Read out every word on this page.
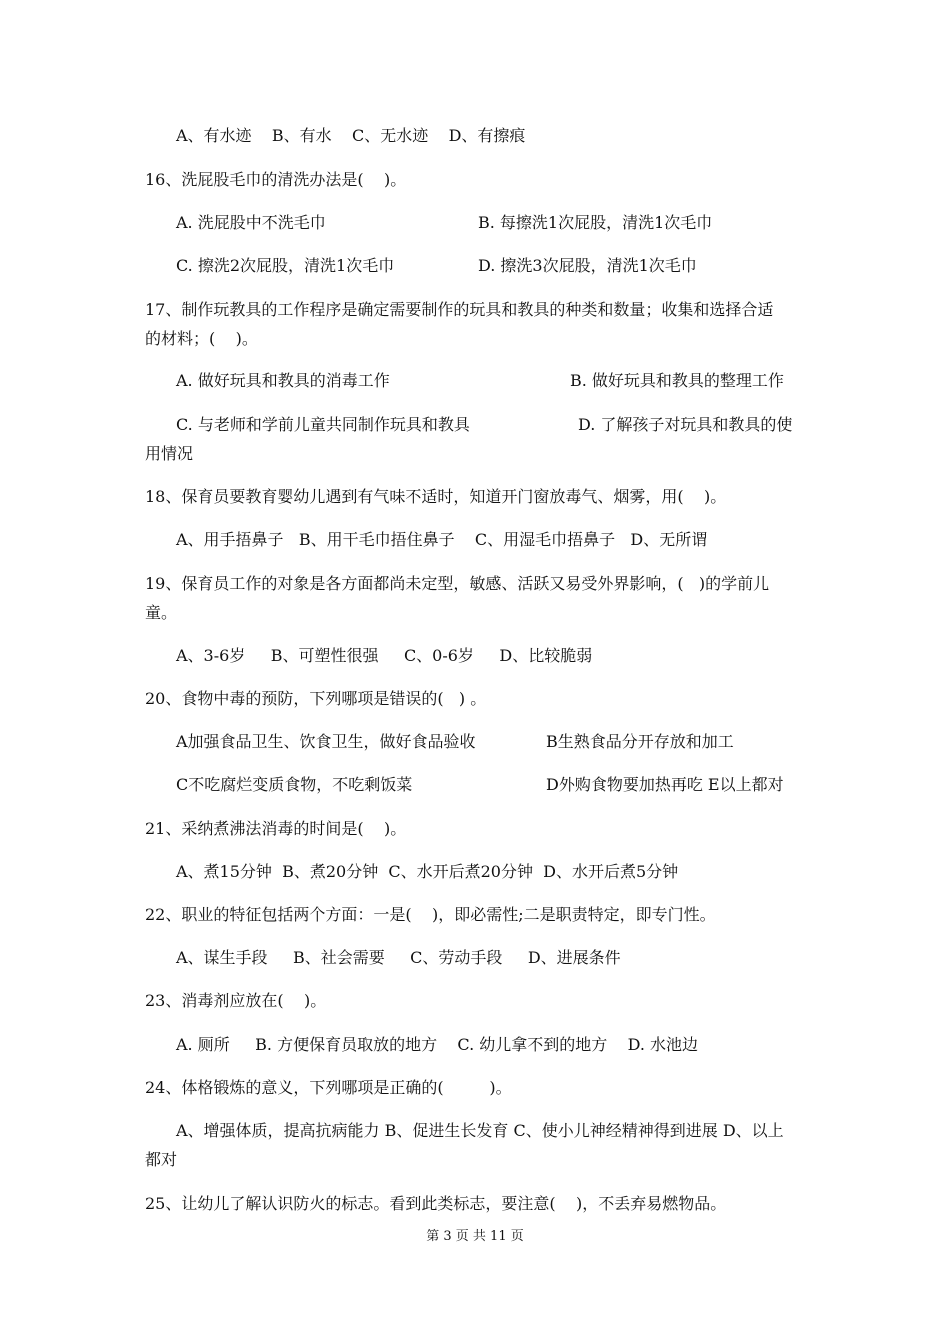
A、有水迹    B、有水    C、无水迹    D、有擦痕
16、洗屁股毛巾的清洗办法是(    )。
A. 洗屁股中不洗毛巾	B. 每擦洗1次屁股，清洗1次毛巾
C. 擦洗2次屁股，清洗1次毛巾	D. 擦洗3次屁股，清洗1次毛巾
17、制作玩教具的工作程序是确定需要制作的玩具和教具的种类和数量；收集和选择合适
的材料；(    )。
A. 做好玩具和教具的消毒工作	B. 做好玩具和教具的整理工作
C. 与老师和学前儿童共同制作玩具和教具	D. 了解孩子对玩具和教具的使
用情况
18、保育员要教育婴幼儿遇到有气味不适时，知道开门窗放毒气、烟雾，用(    )。
A、用手捂鼻子   B、用干毛巾捂住鼻子    C、用湿毛巾捂鼻子   D、无所谓
19、保育员工作的对象是各方面都尚未定型，敏感、活跃又易受外界影响，(   )的学前儿
童。
A、3-6岁     B、可塑性很强     C、0-6岁     D、比较脆弱
20、食物中毒的预防，下列哪项是错误的(   ) 。
A加强食品卫生、饮食卫生，做好食品验收	B生熟食品分开存放和加工
C不吃腐烂变质食物，不吃剩饭菜	D外购食物要加热再吃 E以上都对
21、采纳煮沸法消毒的时间是(    )。
A、煮15分钟  B、煮20分钟  C、水开后煮20分钟  D、水开后煮5分钟
22、职业的特征包括两个方面：一是(    )，即必需性;二是职责特定，即专门性。
A、谋生手段     B、社会需要     C、劳动手段     D、进展条件
23、消毒剂应放在(    )。
A. 厕所     B. 方便保育员取放的地方    C. 幼儿拿不到的地方    D. 水池边
24、体格锻炼的意义，下列哪项是正确的(         )。
A、增强体质，提高抗病能力 B、促进生长发育 C、使小儿神经精神得到进展 D、以上
都对
25、让幼儿了解认识防火的标志。看到此类标志，要注意(    )，不丢弃易燃物品。
第 3 页 共 11 页
